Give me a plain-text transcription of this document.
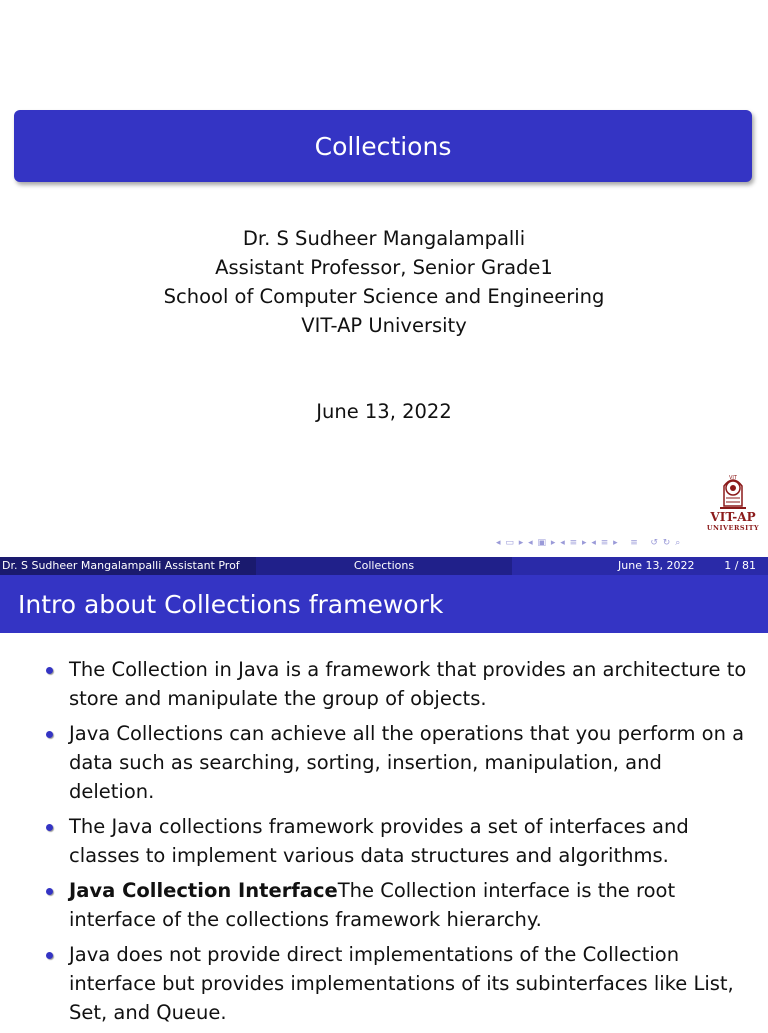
Collections
Dr. S Sudheer Mangalampalli
Assistant Professor, Senior Grade1
School of Computer Science and Engineering
VIT-AP University
June 13, 2022
VIT
VIT-AP
UNIVERSITY
◂ ▭ ▸ ◂ ▣ ▸ ◂ ≡ ▸ ◂ ≡ ▸   ≡   ↺ ↻ ⌕
Dr. S Sudheer Mangalampalli Assistant Prof	Collections	June 13, 2022	1 / 81
Intro about Collections framework
The Collection in Java is a framework that provides an architecture to store and manipulate the group of objects.
Java Collections can achieve all the operations that you perform on a data such as searching, sorting, insertion, manipulation, and deletion.
The Java collections framework provides a set of interfaces and classes to implement various data structures and algorithms.
Java Collection InterfaceThe Collection interface is the root interface of the collections framework hierarchy.
Java does not provide direct implementations of the Collection interface but provides implementations of its subinterfaces like List, Set, and Queue.
